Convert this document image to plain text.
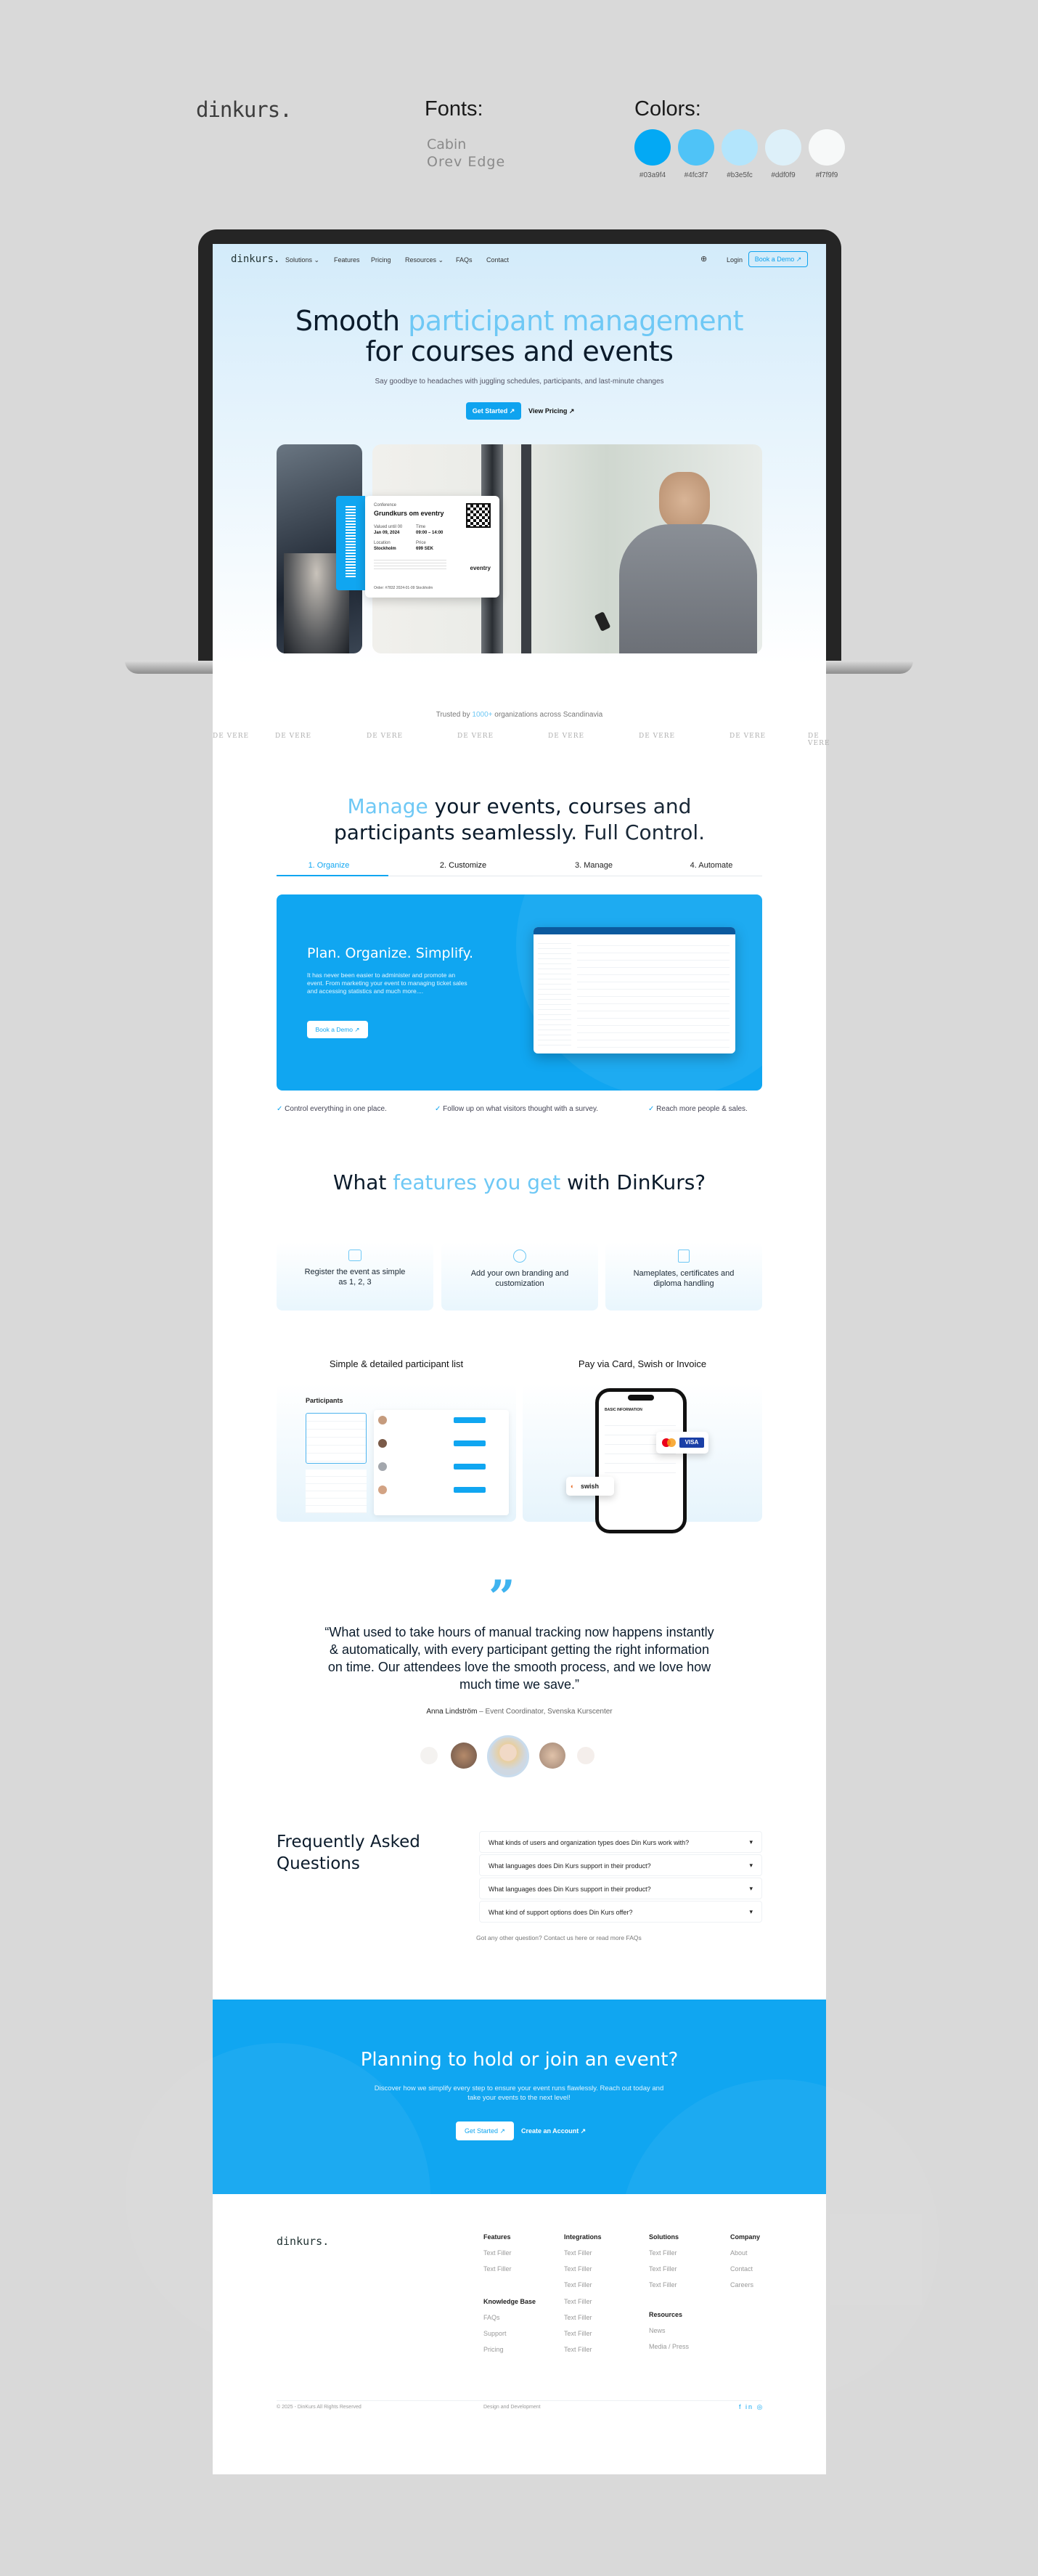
dinkurs.	Fonts:
Cabin
Orev Edge
Colors:
#03a9f4	#4fc3f7	#b3e5fc	#ddf0f9	#f7f9f9
dinkurs. Solutions ⌄ Features Pricing Resources ⌄ FAQs Contact	⊕	Login	Book a Demo ↗
Smooth participant management
for courses and events
Say goodbye to headaches with juggling schedules, participants, and last-minute changes
Get Started ↗	View Pricing ↗
Conference
Grundkurs om eventry
Valued until 00
Jan 09, 2024
Time
09:00 – 14:00
Location
Stockholm
Price
699 SEK
eventry
Order: #7832 2024-01-09 Stockholm
Trusted by 1000+ organizations across Scandinavia
DE VERE	DE VERE	DE VERE	DE VERE	DE VERE	DE VERE	DE VERE	DE VERE
Manage your events, courses and
participants seamlessly. Full Control.
1. Organize	2. Customize	3. Manage	4. Automate
Plan. Organize. Simplify.
It has never been easier to administer and promote an event. From marketing your event to managing ticket sales and accessing statistics and much more....
Book a Demo ↗
✓ Control everything in one place.	✓ Follow up on what visitors thought with a survey.	✓ Reach more people & sales.
What features you get with DinKurs?
Register the event as simple as 1, 2, 3
Add your own branding and customization
Nameplates, certificates and diploma handling
Simple & detailed participant list	Pay via Card, Swish or Invoice
Participants
BASIC INFORMATION
VISA
◐ swish
”
“What used to take hours of manual tracking now happens instantly & automatically, with every participant getting the right information on time. Our attendees love the smooth process, and we love how much time we save.”
Anna Lindström – Event Coordinator, Svenska Kurscenter
Frequently Asked Questions
What kinds of users and organization types does Din Kurs work with?	▾
What languages does Din Kurs support in their product?	▾
What languages does Din Kurs support in their product?	▾
What kind of support options does Din Kurs offer?	▾
Got any other question? Contact us here or read more FAQs
Planning to hold or join an event?
Discover how we simplify every step to ensure your event runs flawlessly. Reach out today and take your events to the next level!
Get Started ↗	Create an Account ↗
dinkurs.	Features
Text Filler
Text Filler
Knowledge Base
FAQs
Support
Pricing
Integrations
Text Filler
Text Filler
Text Filler
Text Filler
Text Filler
Text Filler
Text Filler
Solutions
Text Filler
Text Filler
Text Filler
Resources
News
Media / Press
Company
About
Contact
Careers
© 2025 - DinKurs All Rights Reserved	Design and Development	f in ◎
